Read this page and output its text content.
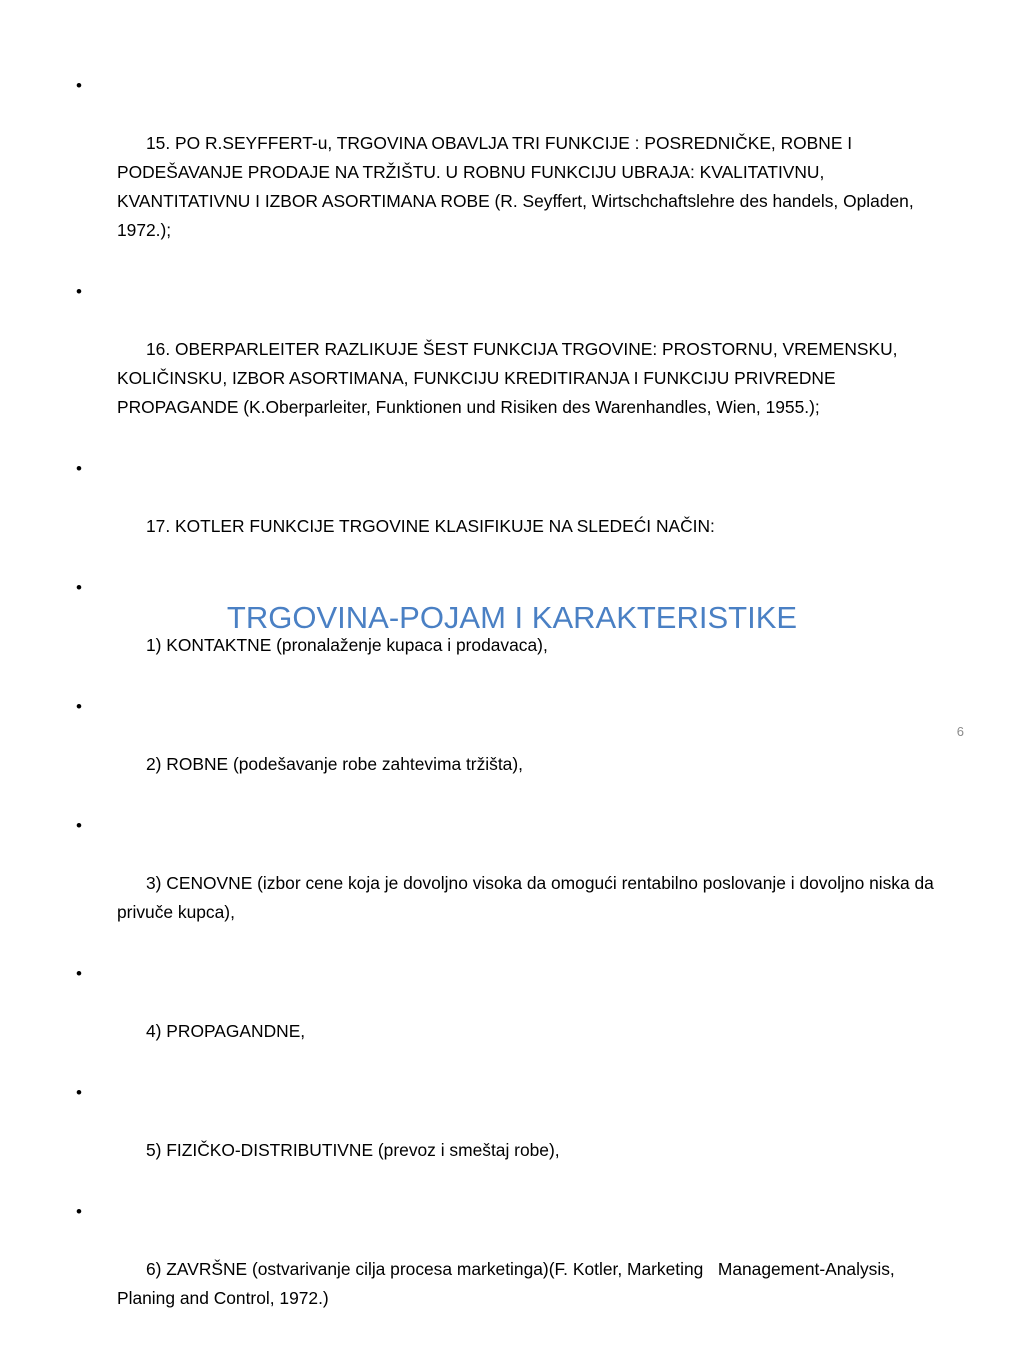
•

15. PO R.SEYFFERT-u, TRGOVINA OBAVLJA TRI FUNKCIJE : POSREDNIČKE, ROBNE I PODEŠAVANJE PRODAJE NA TRŽIŠTU. U ROBNU FUNKCIJU UBRAJA: KVALITATIVNU, KVANTITATIVNU I IZBOR ASORTIMANA ROBE (R. Seyffert, Wirtschchaftslehre des handels, Opladen, 1972.);

•

16. OBERPARLEITER RAZLIKUJE ŠEST FUNKCIJA TRGOVINE: PROSTORNU, VREMENSKU, KOLIČINSKU, IZBOR ASORTIMANA, FUNKCIJU KREDITIRANJA I FUNKCIJU PRIVREDNE PROPAGANDE (K.Oberparleiter, Funktionen und Risiken des Warenhandles, Wien, 1955.);

•

17. KOTLER FUNKCIJE TRGOVINE KLASIFIKUJE NA SLEDEĆI NAČIN:

•

1) KONTAKTNE (pronalaženje kupaca i prodavaca),

•

2) ROBNE (podešavanje robe zahtevima tržišta),

•

3) CENOVNE (izbor cene koja je dovoljno visoka da omogući rentabilno poslovanje i dovoljno niska da privuče kupca),

•

4) PROPAGANDNE,

•

5) FIZIČKO-DISTRIBUTIVNE (prevoz i smeštaj robe),

•

6) ZAVRŠNE (ostvarivanje cilja procesa marketinga)(F. Kotler, Marketing   Management-Analysis, Planing and Control, 1972.)

TRGOVINA-POJAM I KARAKTERISTIKE
6
